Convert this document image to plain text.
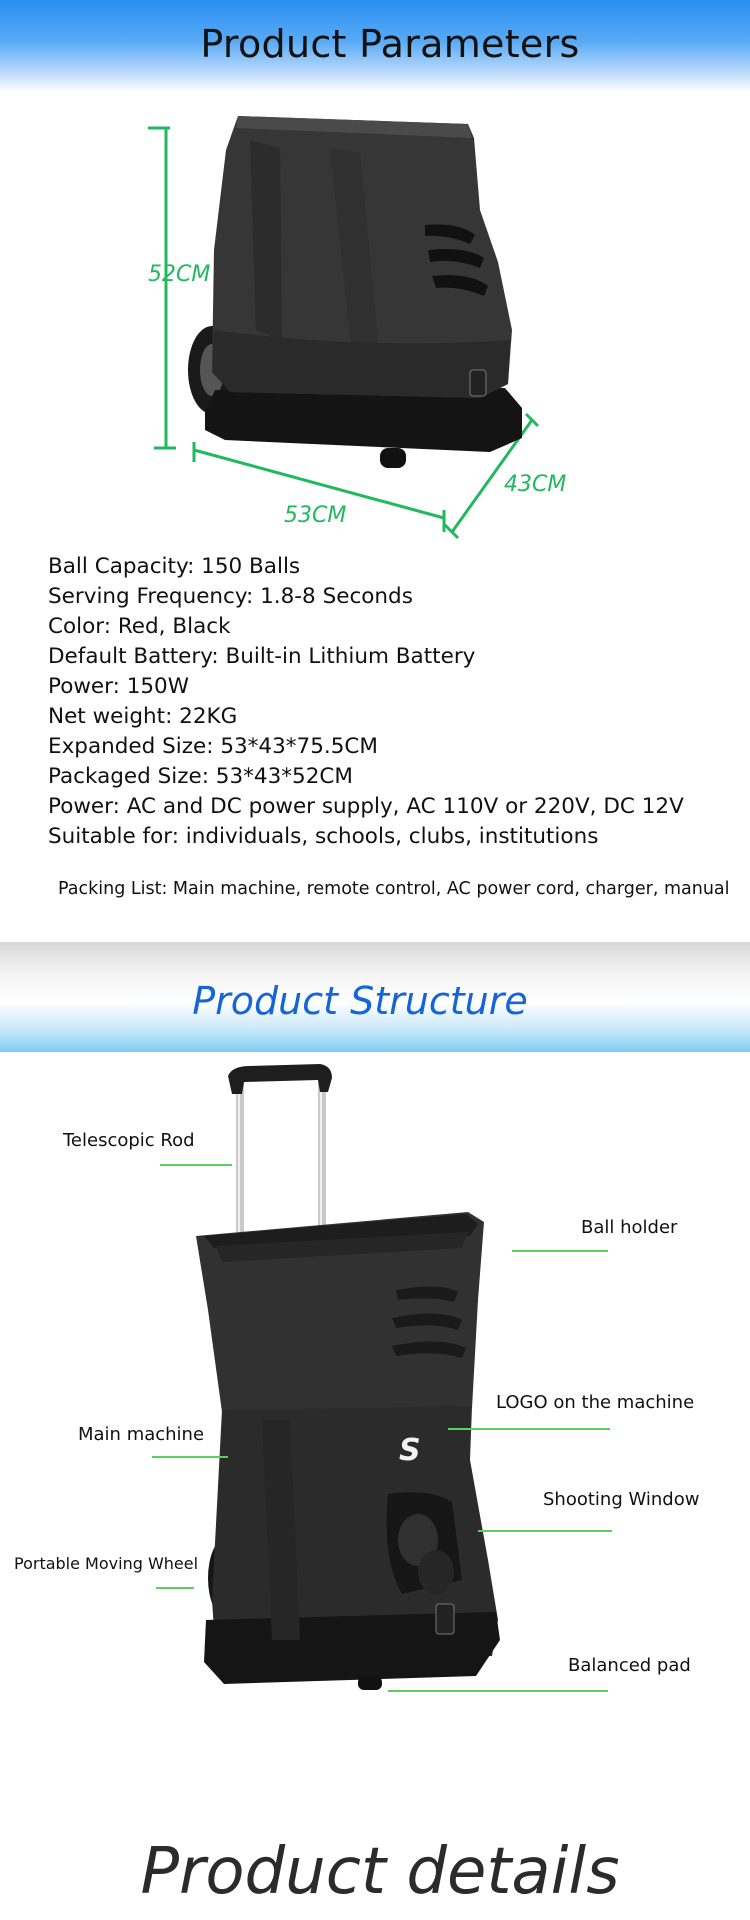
Product Parameters
52CM
53CM
43CM
Ball Capacity: 150 Balls
Serving Frequency: 1.8-8 Seconds
Color: Red, Black
Default Battery: Built-in Lithium Battery
Power: 150W
Net weight: 22KG
Expanded Size: 53*43*75.5CM
Packaged Size: 53*43*52CM
Power: AC and DC power supply, AC 110V or 220V, DC 12V
Suitable for: individuals, schools, clubs, institutions
Packing List: Main machine, remote control, AC power cord, charger, manual
Product Structure
S
Telescopic Rod
Ball holder
LOGO on the machine
Main machine
Shooting Window
Portable Moving Wheel
Balanced pad
Product details
